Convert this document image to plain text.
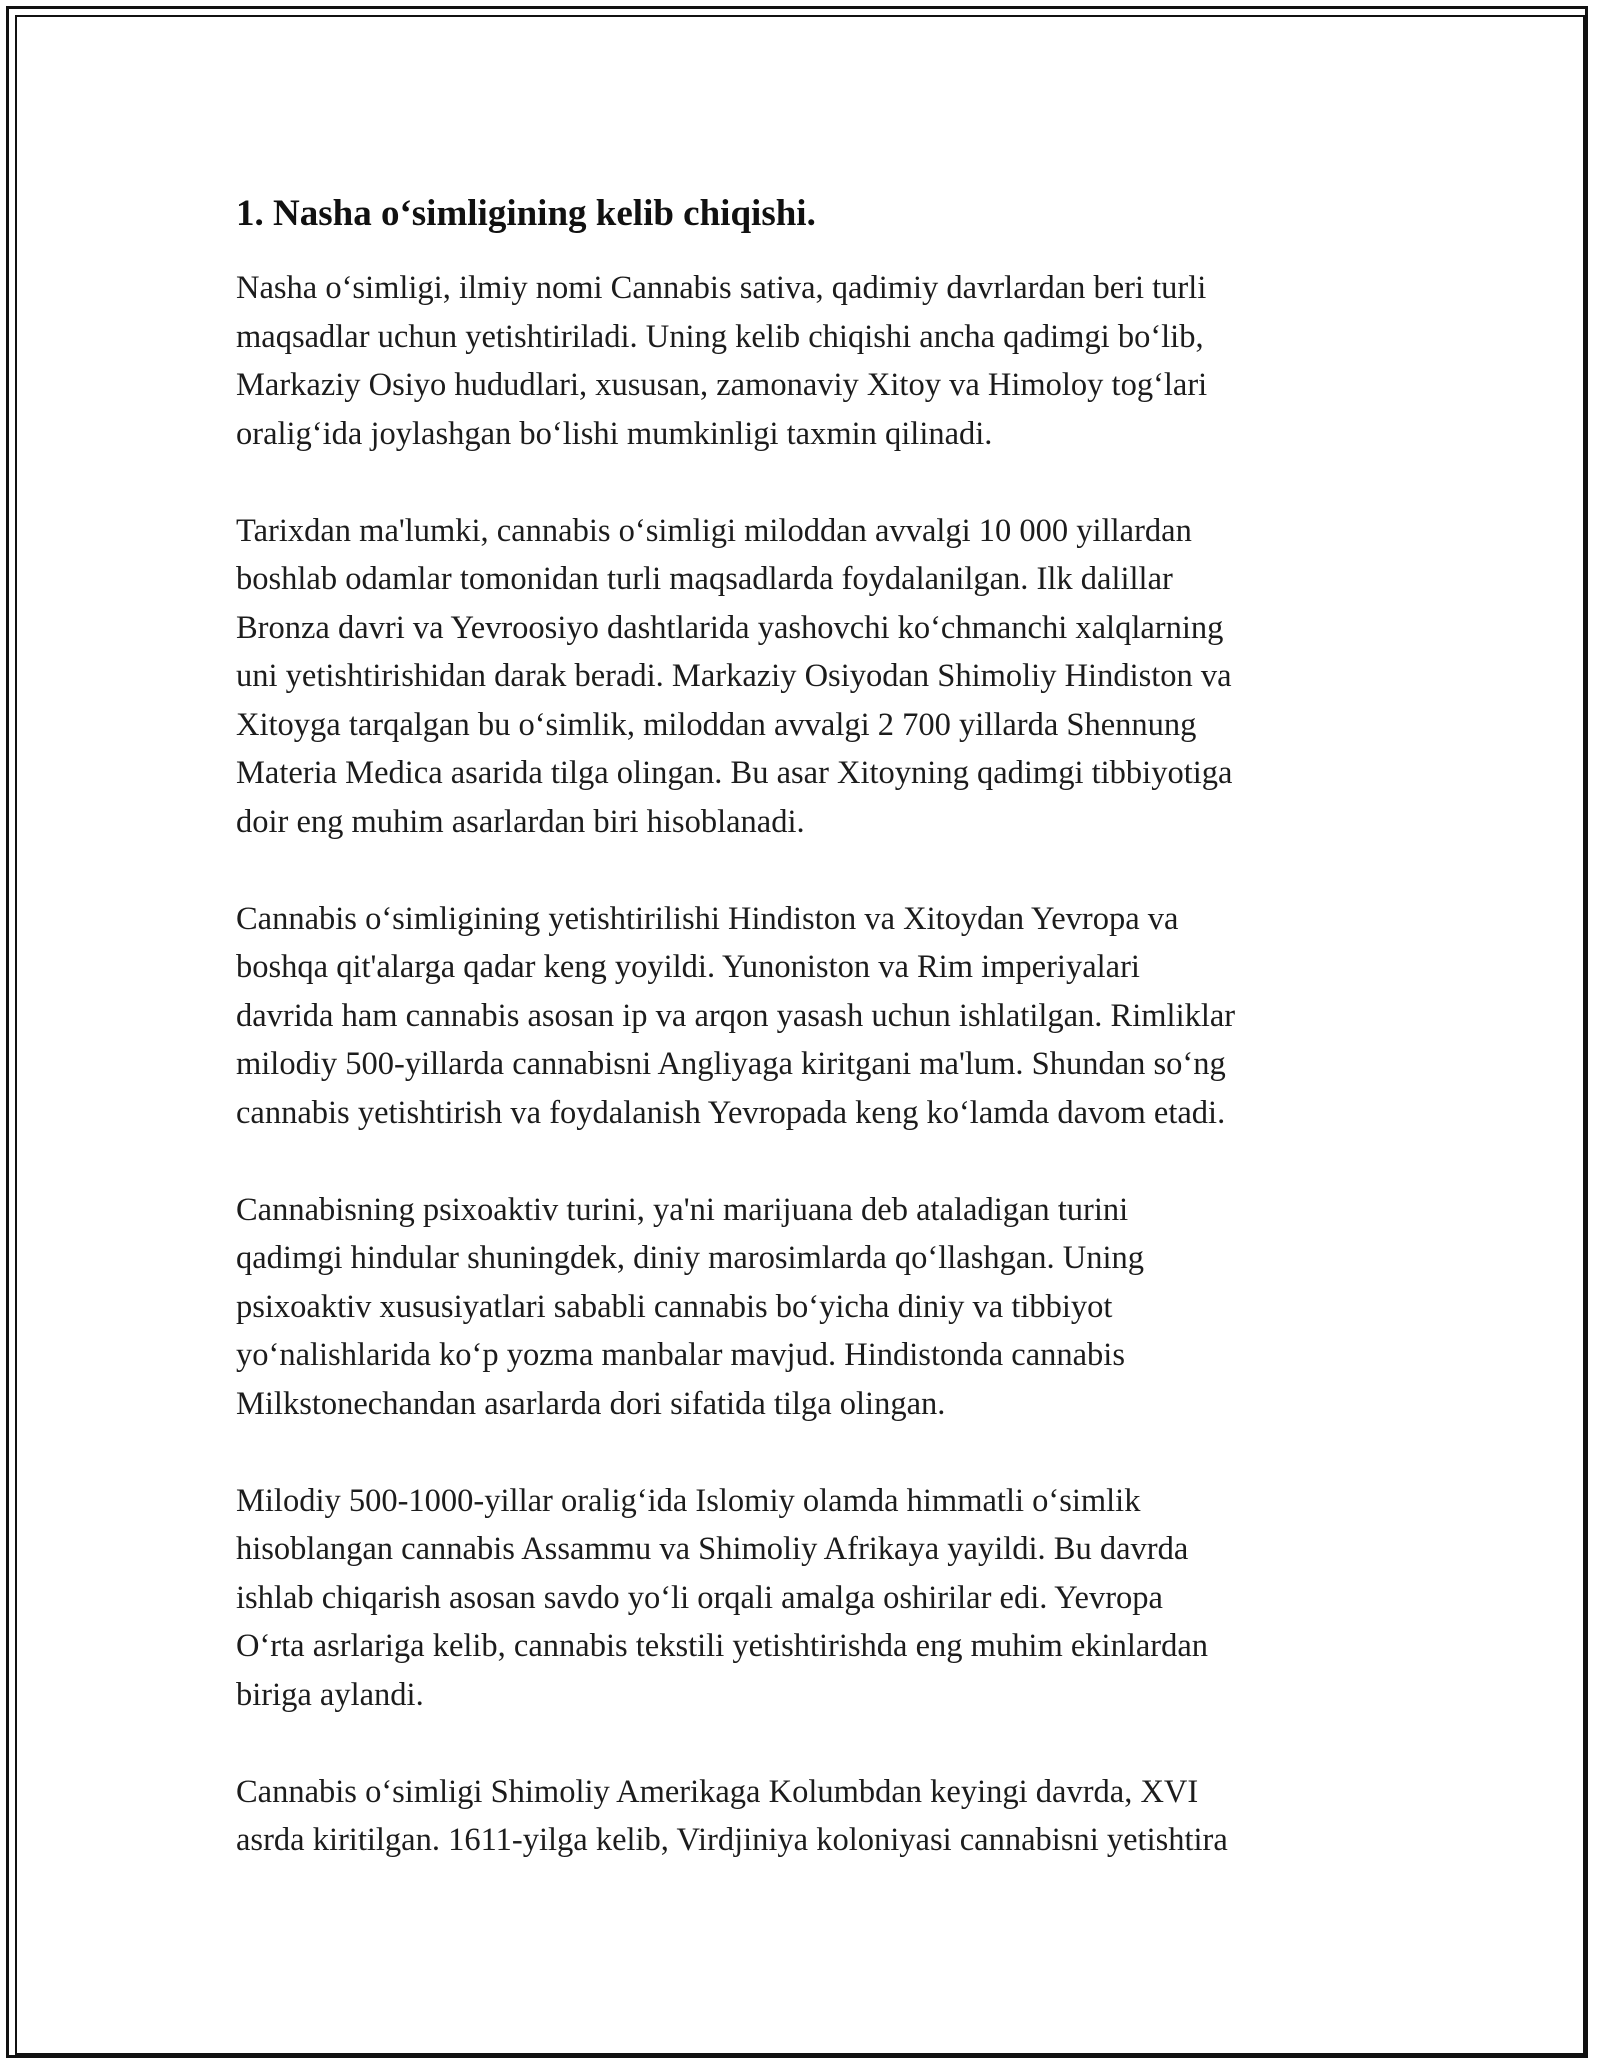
1. Nasha o‘simligining kelib chiqishi.

Nasha o‘simligi, ilmiy nomi Cannabis sativa, qadimiy davrlardan beri turli
maqsadlar uchun yetishtiriladi. Uning kelib chiqishi ancha qadimgi bo‘lib,
Markaziy Osiyo hududlari, xususan, zamonaviy Xitoy va Himoloy tog‘lari
oralig‘ida joylashgan bo‘lishi mumkinligi taxmin qilinadi.

Tarixdan ma'lumki, cannabis o‘simligi miloddan avvalgi 10 000 yillardan
boshlab odamlar tomonidan turli maqsadlarda foydalanilgan. Ilk dalillar
Bronza davri va Yevroosiyo dashtlarida yashovchi ko‘chmanchi xalqlarning
uni yetishtirishidan darak beradi. Markaziy Osiyodan Shimoliy Hindiston va
Xitoyga tarqalgan bu o‘simlik, miloddan avvalgi 2 700 yillarda Shennung
Materia Medica asarida tilga olingan. Bu asar Xitoyning qadimgi tibbiyotiga
doir eng muhim asarlardan biri hisoblanadi.

Cannabis o‘simligining yetishtirilishi Hindiston va Xitoydan Yevropa va
boshqa qit'alarga qadar keng yoyildi. Yunoniston va Rim imperiyalari
davrida ham cannabis asosan ip va arqon yasash uchun ishlatilgan. Rimliklar
milodiy 500-yillarda cannabisni Angliyaga kiritgani ma'lum. Shundan so‘ng
cannabis yetishtirish va foydalanish Yevropada keng ko‘lamda davom etadi.

Cannabisning psixoaktiv turini, ya'ni marijuana deb ataladigan turini
qadimgi hindular shuningdek, diniy marosimlarda qo‘llashgan. Uning
psixoaktiv xususiyatlari sababli cannabis bo‘yicha diniy va tibbiyot
yo‘nalishlarida ko‘p yozma manbalar mavjud. Hindistonda cannabis
Milkstonechandan asarlarda dori sifatida tilga olingan.

Milodiy 500-1000-yillar oralig‘ida Islomiy olamda himmatli o‘simlik
hisoblangan cannabis Assammu va Shimoliy Afrikaya yayildi. Bu davrda
ishlab chiqarish asosan savdo yo‘li orqali amalga oshirilar edi. Yevropa
O‘rta asrlariga kelib, cannabis tekstili yetishtirishda eng muhim ekinlardan
biriga aylandi.

Cannabis o‘simligi Shimoliy Amerikaga Kolumbdan keyingi davrda, XVI
asrda kiritilgan. 1611-yilga kelib, Virdjiniya koloniyasi cannabisni yetishtira
